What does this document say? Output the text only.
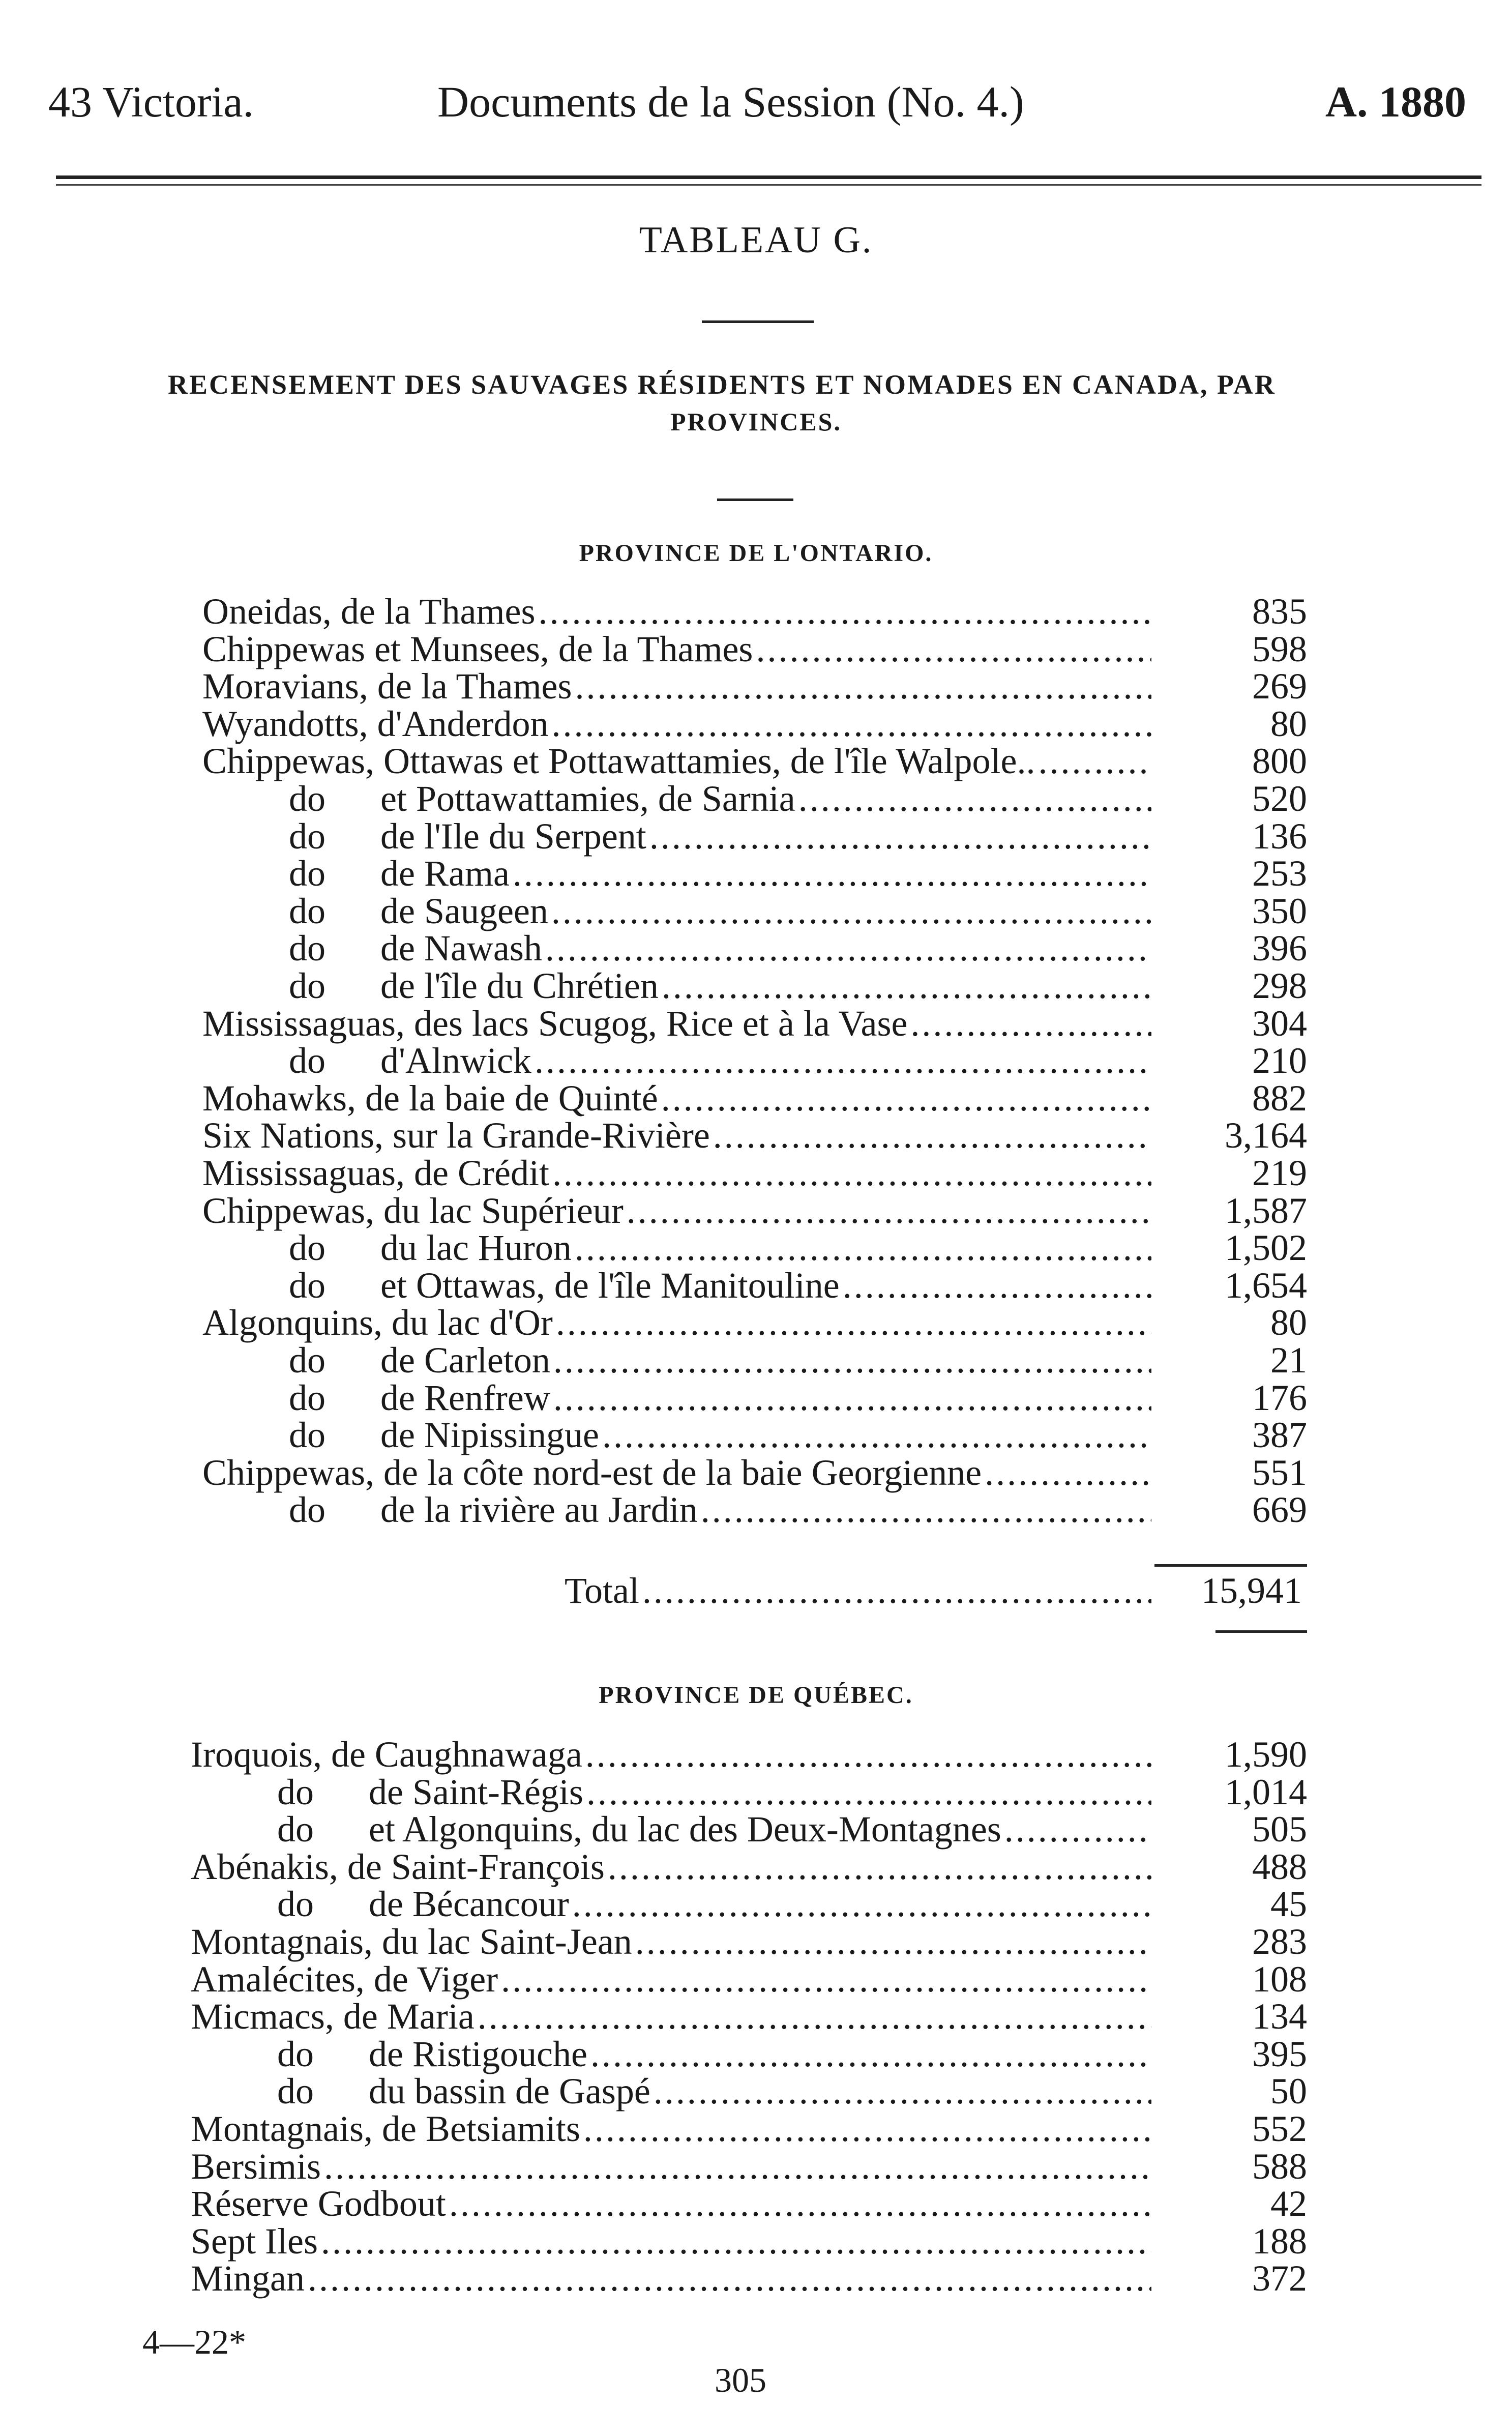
43 Victoria.	Documents de la Session (No. 4.)	A. 1880
TABLEAU G.
RECENSEMENT DES SAUVAGES RÉSIDENTS ET NOMADES EN CANADA, PAR
PROVINCES.
PROVINCE DE L'ONTARIO.
Oneidas, de la Thames .....	835
Chippewas et Munsees, de la Thames .....	598
Moravians, de la Thames .....	269
Wyandotts, d'Anderdon .....	80
Chippewas, Ottawas et Pottawattamies, de l'île Walpole.. .....	800
do      et Pottawattamies, de Sarnia .....	520
do      de l'Ile du Serpent .....	136
do      de Rama .....	253
do      de Saugeen .....	350
do      de Nawash .....	396
do      de l'île du Chrétien .....	298
Mississaguas, des lacs Scugog, Rice et à la Vase .....	304
do      d'Alnwick .....	210
Mohawks, de la baie de Quinté .....	882
Six Nations, sur la Grande-Rivière .....	3,164
Mississaguas, de Crédit .....	219
Chippewas, du lac Supérieur .....	1,587
do      du lac Huron .....	1,502
do      et Ottawas, de l'île Manitouline .....	1,654
Algonquins, du lac d'Or .....	80
do      de Carleton .....	21
do      de Renfrew .....	176
do      de Nipissingue .....	387
Chippewas, de la côte nord-est de la baie Georgienne .....	551
do      de la rivière au Jardin .....	669
Total .....	15,941
PROVINCE DE QUÉBEC.
Iroquois, de Caughnawaga .....	1,590
do      de Saint-Régis .....	1,014
do      et Algonquins, du lac des Deux-Montagnes .....	505
Abénakis, de Saint-François .....	488
do      de Bécancour .....	45
Montagnais, du lac Saint-Jean .....	283
Amalécites, de Viger .....	108
Micmacs, de Maria .....	134
do      de Ristigouche .....	395
do      du bassin de Gaspé .....	50
Montagnais, de Betsiamits .....	552
Bersimis .....	588
Réserve Godbout .....	42
Sept Iles .....	188
Mingan .....	372
4—22*
305
